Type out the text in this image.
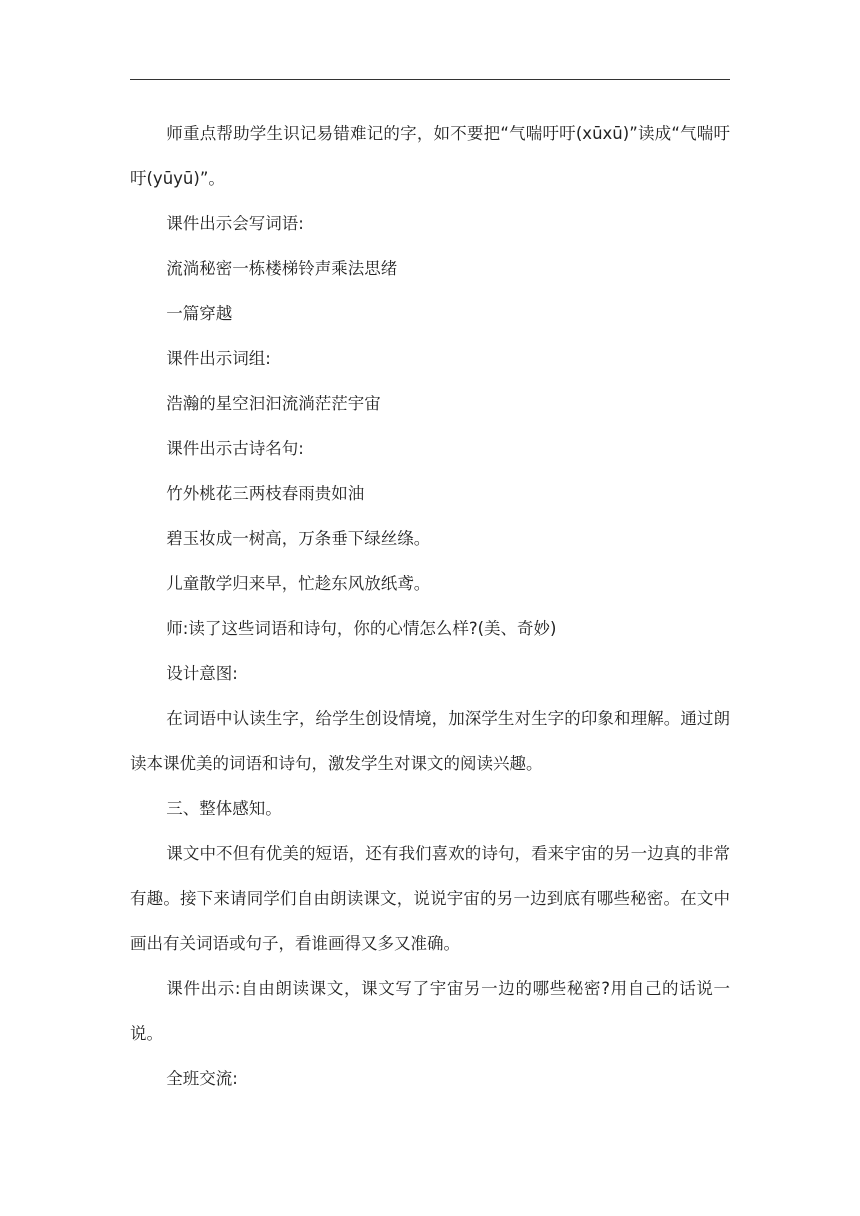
师重点帮助学生识记易错难记的字，如不要把“气喘吁吁(xūxū)”读成“气喘吁吁(yūyū)”。

课件出示会写词语:

流淌秘密一栋楼梯铃声乘法思绪

一篇穿越

课件出示词组:

浩瀚的星空汩汩流淌茫茫宇宙

课件出示古诗名句:

竹外桃花三两枝春雨贵如油

碧玉妆成一树高，万条垂下绿丝绦。

儿童散学归来早，忙趁东风放纸鸢。

师:读了这些词语和诗句，你的心情怎么样?(美、奇妙)

设计意图:

在词语中认读生字，给学生创设情境，加深学生对生字的印象和理解。通过朗读本课优美的词语和诗句，激发学生对课文的阅读兴趣。

三、整体感知。

课文中不但有优美的短语，还有我们喜欢的诗句，看来宇宙的另一边真的非常有趣。接下来请同学们自由朗读课文，说说宇宙的另一边到底有哪些秘密。在文中画出有关词语或句子，看谁画得又多又准确。

课件出示:自由朗读课文，课文写了宇宙另一边的哪些秘密?用自己的话说一说。

全班交流:
